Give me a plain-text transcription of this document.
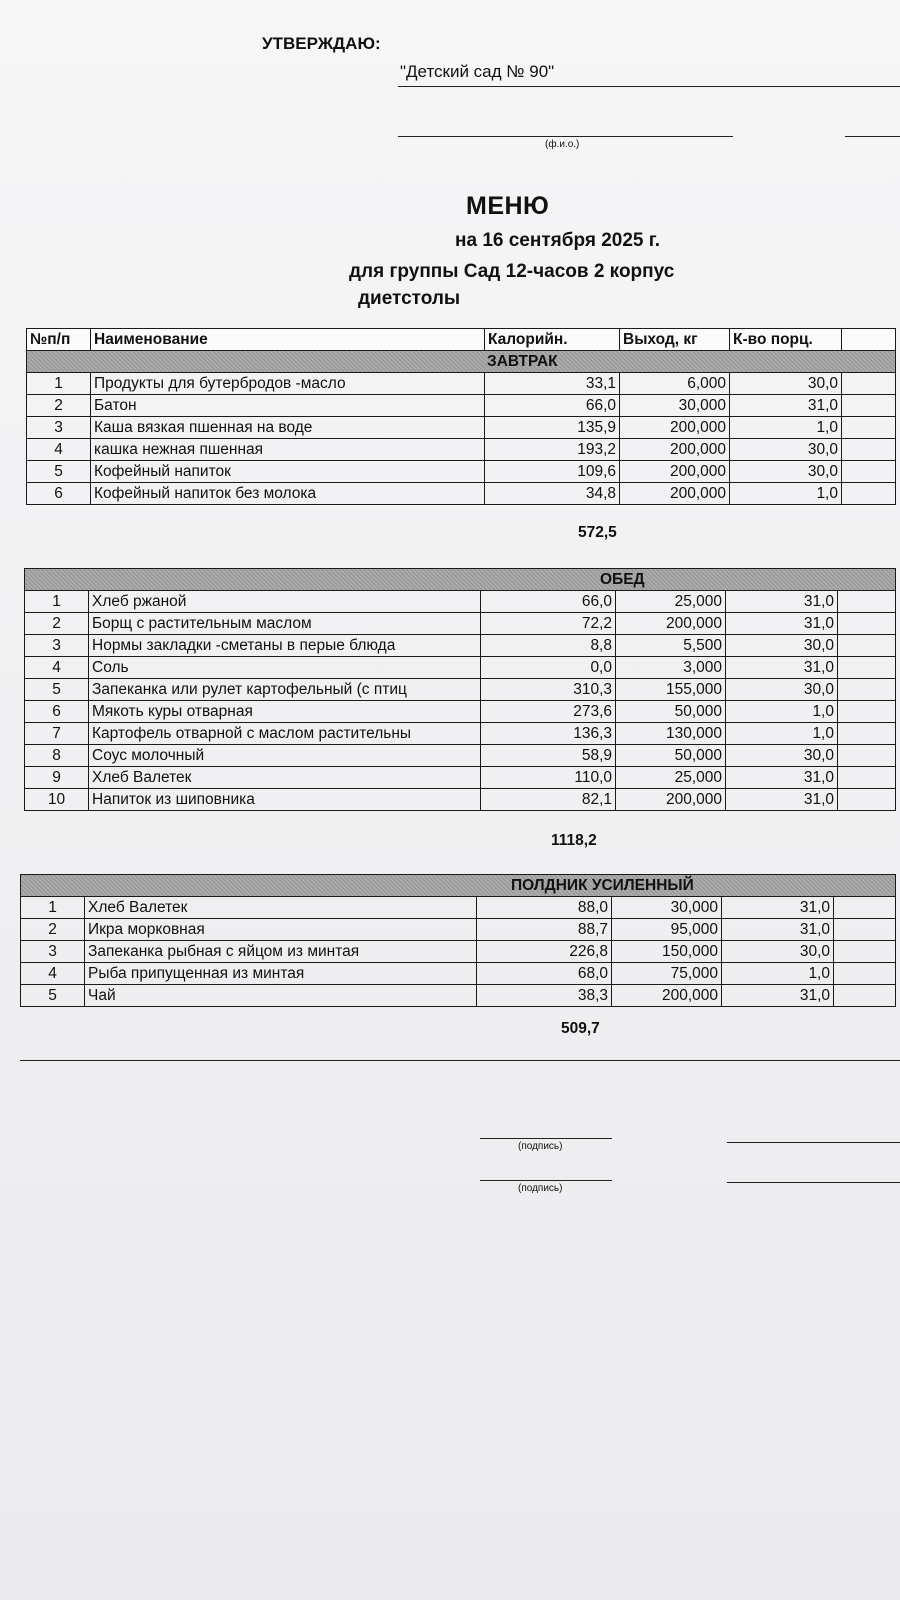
УТВЕРЖДАЮ:
"Детский сад № 90"
(ф.и.о.)
МЕНЮ
на 16 сентября 2025 г.
для группы Сад 12-часов 2 корпус
диетстолы
№п/п	Наименование	Калорийн.	Выход, кг	К-во порц.	
ЗАВТРАК					
1	Продукты для бутербродов -масло	33,1	6,000	30,0	
2	Батон	66,0	30,000	31,0	
3	Каша вязкая пшенная на воде	135,9	200,000	1,0	
4	кашка нежная пшенная	193,2	200,000	30,0	
5	Кофейный напиток	109,6	200,000	30,0	
6	Кофейный напиток без молока	34,8	200,000	1,0	
572,5
ОБЕД					
1	Хлеб ржаной	66,0	25,000	31,0	
2	Борщ с растительным маслом	72,2	200,000	31,0	
3	Нормы закладки -сметаны в перые блюда	8,8	5,500	30,0	
4	Соль	0,0	3,000	31,0	
5	Запеканка или рулет картофельный (с птиц	310,3	155,000	30,0	
6	Мякоть куры отварная	273,6	50,000	1,0	
7	Картофель отварной с маслом растительны	136,3	130,000	1,0	
8	Соус молочный	58,9	50,000	30,0	
9	Хлеб Валетек	110,0	25,000	31,0	
10	Напиток из шиповника	82,1	200,000	31,0	
1118,2
ПОЛДНИК УСИЛЕННЫЙ					
1	Хлеб Валетек	88,0	30,000	31,0	
2	Икра морковная	88,7	95,000	31,0	
3	Запеканка рыбная с яйцом из минтая	226,8	150,000	30,0	
4	Рыба припущенная из минтая	68,0	75,000	1,0	
5	Чай	38,3	200,000	31,0	
509,7
(подпись)
(подпись)
